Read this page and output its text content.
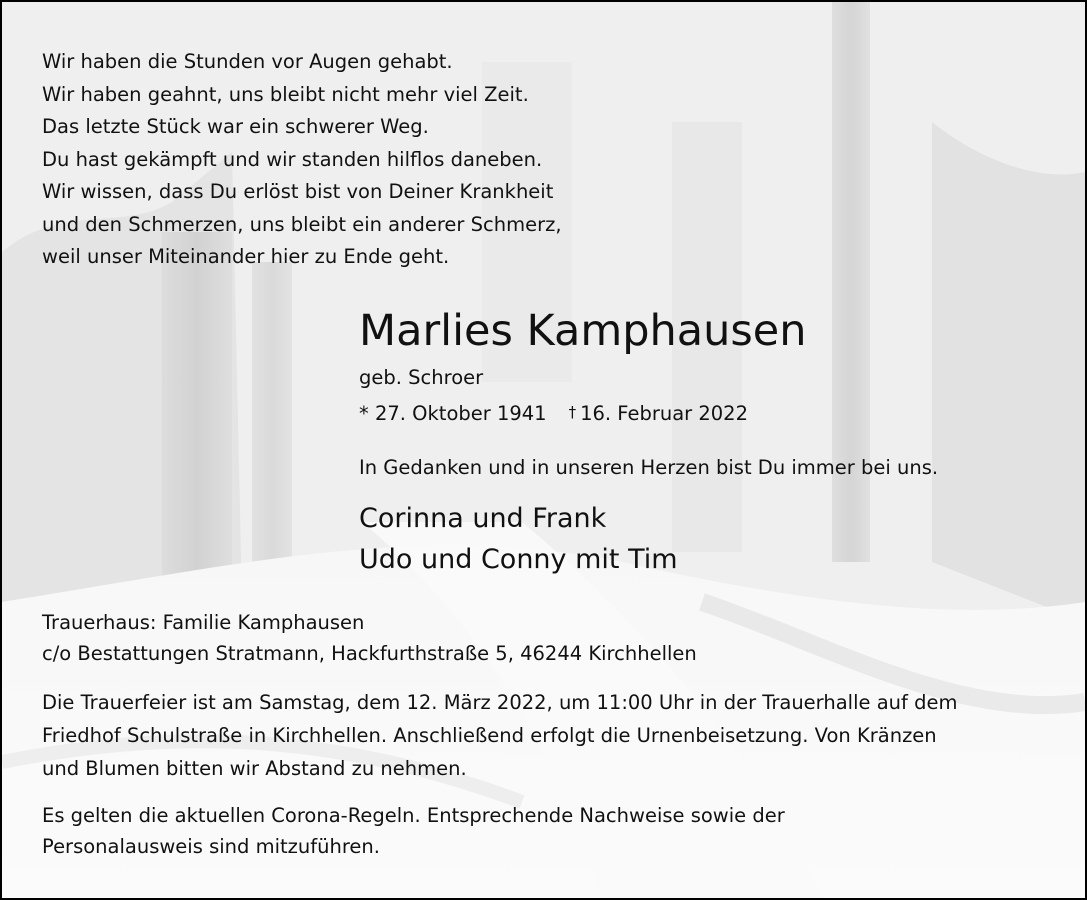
Wir haben die Stunden vor Augen gehabt.
Wir haben geahnt, uns bleibt nicht mehr viel Zeit.
Das letzte Stück war ein schwerer Weg.
Du hast gekämpft und wir standen hilflos daneben.
Wir wissen, dass Du erlöst bist von Deiner Krankheit
und den Schmerzen, uns bleibt ein anderer Schmerz,
weil unser Miteinander hier zu Ende geht.
Marlies Kamphausen
geb. Schroer
* 27. Oktober 1941 † 16. Februar 2022
In Gedanken und in unseren Herzen bist Du immer bei uns.
Corinna und Frank
Udo und Conny mit Tim
Trauerhaus: Familie Kamphausen
c/o Bestattungen Stratmann, Hackfurthstraße 5, 46244 Kirchhellen
Die Trauerfeier ist am Samstag, dem 12. März 2022, um 11:00 Uhr in der Trauerhalle auf dem
Friedhof Schulstraße in Kirchhellen. Anschließend erfolgt die Urnenbeisetzung. Von Kränzen
und Blumen bitten wir Abstand zu nehmen.
Es gelten die aktuellen Corona-Regeln. Entsprechende Nachweise sowie der
Personalausweis sind mitzuführen.
